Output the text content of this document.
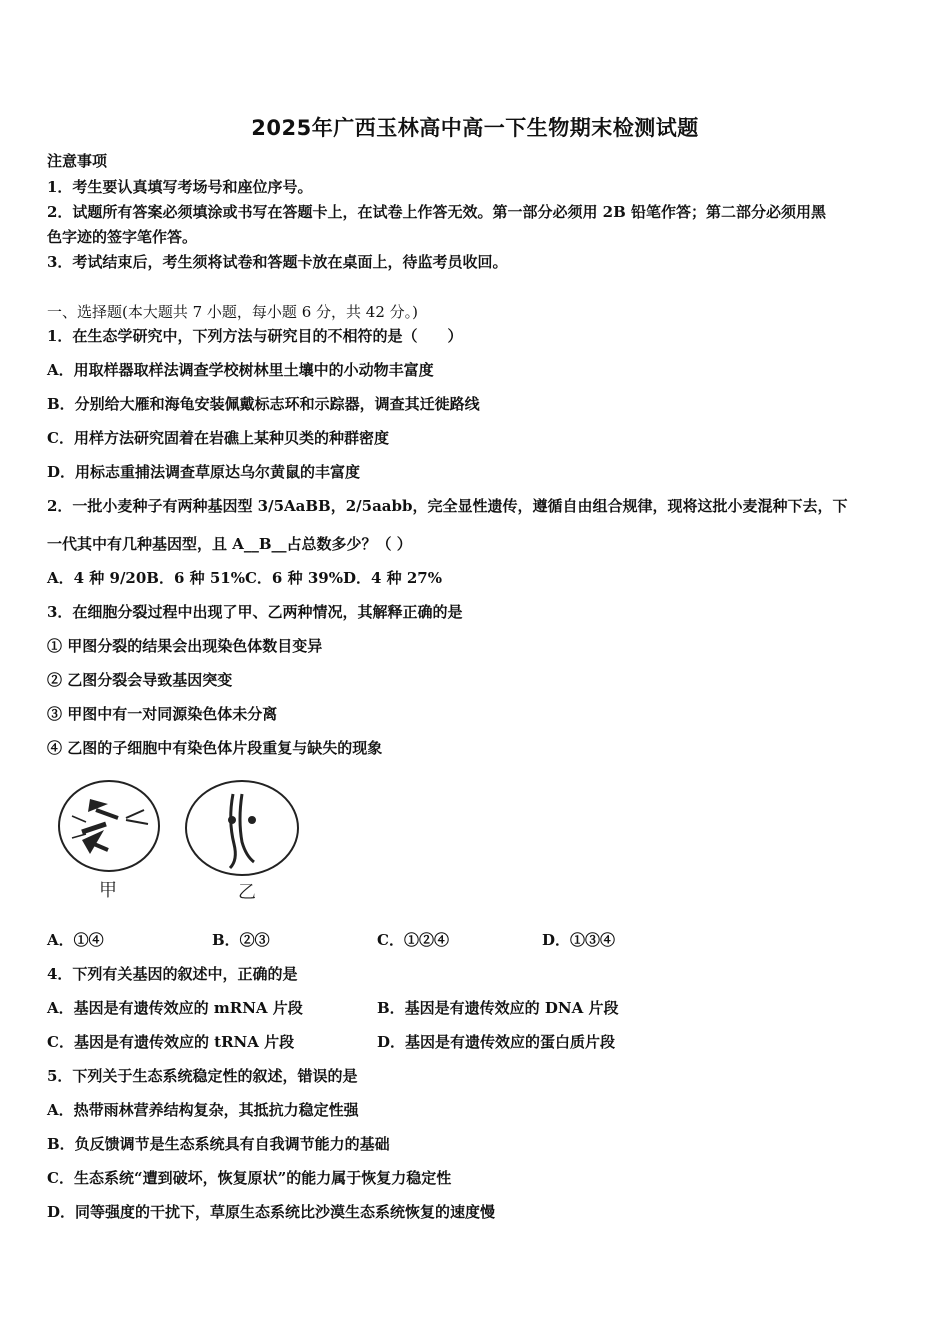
2025年广西玉林高中高一下生物期末检测试题
注意事项
1．考生要认真填写考场号和座位序号。
2．试题所有答案必须填涂或书写在答题卡上，在试卷上作答无效。第一部分必须用 2B 铅笔作答；第二部分必须用黑
色字迹的签字笔作答。
3．考试结束后，考生须将试卷和答题卡放在桌面上，待监考员收回。
一、选择题(本大题共 7 小题，每小题 6 分，共 42 分。)
1．在生态学研究中，下列方法与研究目的不相符的是（　　）
A．用取样器取样法调查学校树林里土壤中的小动物丰富度
B．分别给大雁和海龟安装佩戴标志环和示踪器，调查其迁徙路线
C．用样方法研究固着在岩礁上某种贝类的种群密度
D．用标志重捕法调查草原达乌尔黄鼠的丰富度
2．一批小麦种子有两种基因型 3/5AaBB，2/5aabb，完全显性遗传，遵循自由组合规律，现将这批小麦混种下去，下
一代其中有几种基因型，且 A__B__占总数多少？（ ）
A．4 种 9/20B．6 种 51%C．6 种 39%D．4 种 27%
3．在细胞分裂过程中出现了甲、乙两种情况，其解释正确的是
① 甲图分裂的结果会出现染色体数目变异
② 乙图分裂会导致基因突变
③ 甲图中有一对同源染色体未分离
④ 乙图的子细胞中有染色体片段重复与缺失的现象
甲	乙
A．①④	B．②③	C．①②④	D．①③④
4．下列有关基因的叙述中，正确的是
A．基因是有遗传效应的 mRNA 片段	B．基因是有遗传效应的 DNA 片段
C．基因是有遗传效应的 tRNA 片段	D．基因是有遗传效应的蛋白质片段
5．下列关于生态系统稳定性的叙述，错误的是
A．热带雨林营养结构复杂，其抵抗力稳定性强
B．负反馈调节是生态系统具有自我调节能力的基础
C．生态系统“遭到破坏，恢复原状”的能力属于恢复力稳定性
D．同等强度的干扰下，草原生态系统比沙漠生态系统恢复的速度慢
